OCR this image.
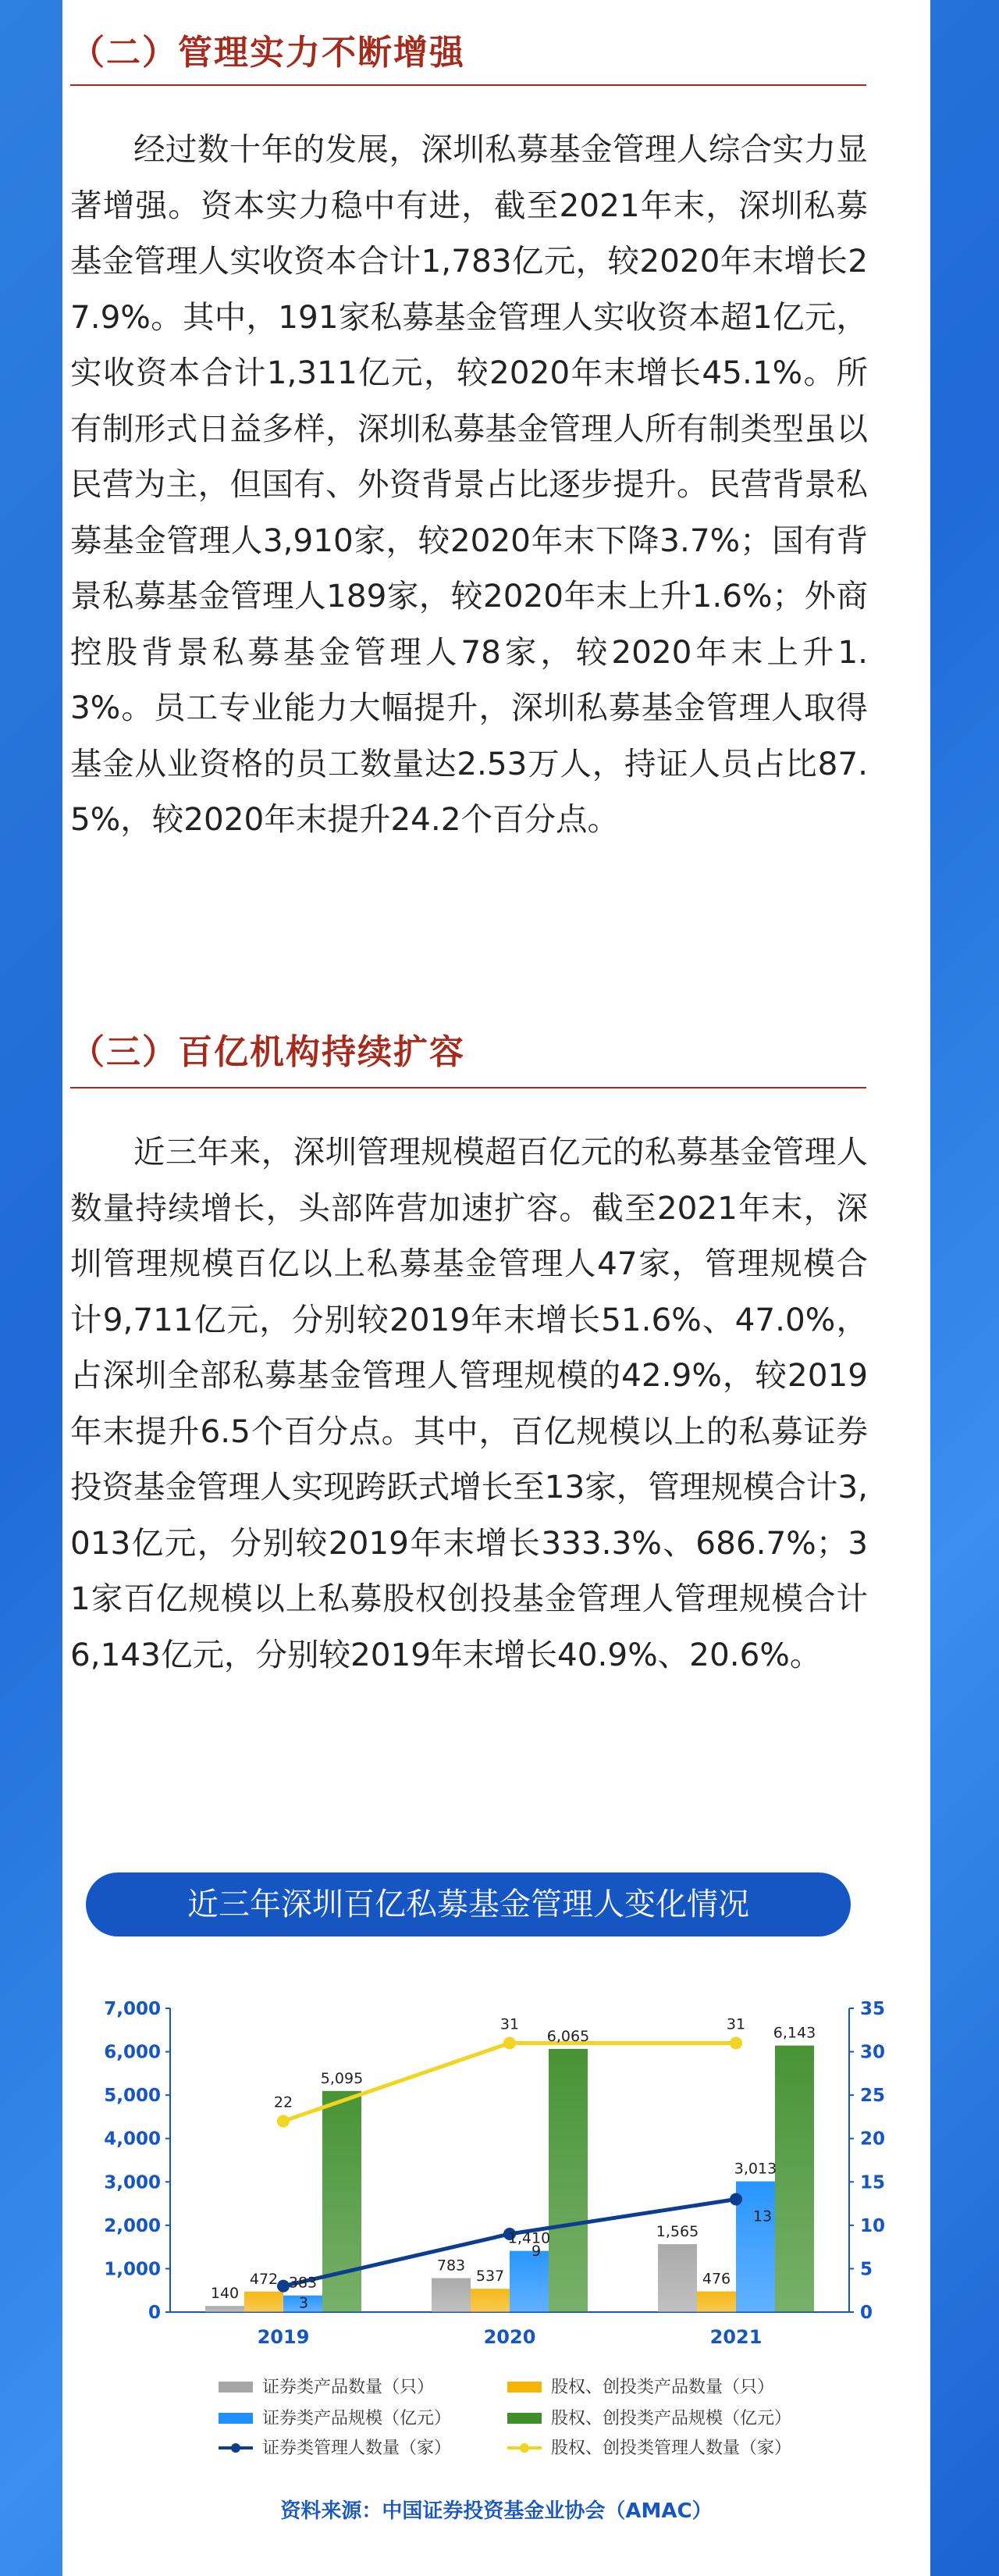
（二）管理实力不断增强

经过数十年的发展，深圳私募基金管理人综合实力显著增强。资本实力稳中有进，截至2021年末，深圳私募基金管理人实收资本合计1,783亿元，较2020年末增长27.9%。其中，191家私募基金管理人实收资本超1亿元，实收资本合计1,311亿元，较2020年末增长45.1%。所有制形式日益多样，深圳私募基金管理人所有制类型虽以民营为主，但国有、外资背景占比逐步提升。民营背景私募基金管理人3,910家，较2020年末下降3.7%；国有背景私募基金管理人189家，较2020年末上升1.6%；外商控股背景私募基金管理人78家，较2020年末上升1.3%。员工专业能力大幅提升，深圳私募基金管理人取得基金从业资格的员工数量达2.53万人，持证人员占比87.5%，较2020年末提升24.2个百分点。

（三）百亿机构持续扩容

近三年来，深圳管理规模超百亿元的私募基金管理人数量持续增长，头部阵营加速扩容。截至2021年末，深圳管理规模百亿以上私募基金管理人47家，管理规模合计9,711亿元，分别较2019年末增长51.6%、47.0%，占深圳全部私募基金管理人管理规模的42.9%，较2019年末提升6.5个百分点。其中，百亿规模以上的私募证券投资基金管理人实现跨跃式增长至13家，管理规模合计3,013亿元，分别较2019年末增长333.3%、686.7%；31家百亿规模以上私募股权创投基金管理人管理规模合计6,143亿元，分别较2019年末增长40.9%、20.6%。

近三年深圳百亿私募基金管理人变化情况
0
1,000
2,000
3,000
4,000
5,000
6,000
7,000
0
5
10
15
20
25
30
35
2019	2020	2021
140
783
1,565
472	537	476
383
1,410
3,013
5,095
6,065	6,143
3
9
13
22
31	31
证券类产品数量（只）	股权、创投类产品数量（只）
证券类产品规模（亿元）	股权、创投类产品规模（亿元）
证券类管理人数量（家）	股权、创投类管理人数量（家）
资料来源：中国证券投资基金业协会（AMAC）
